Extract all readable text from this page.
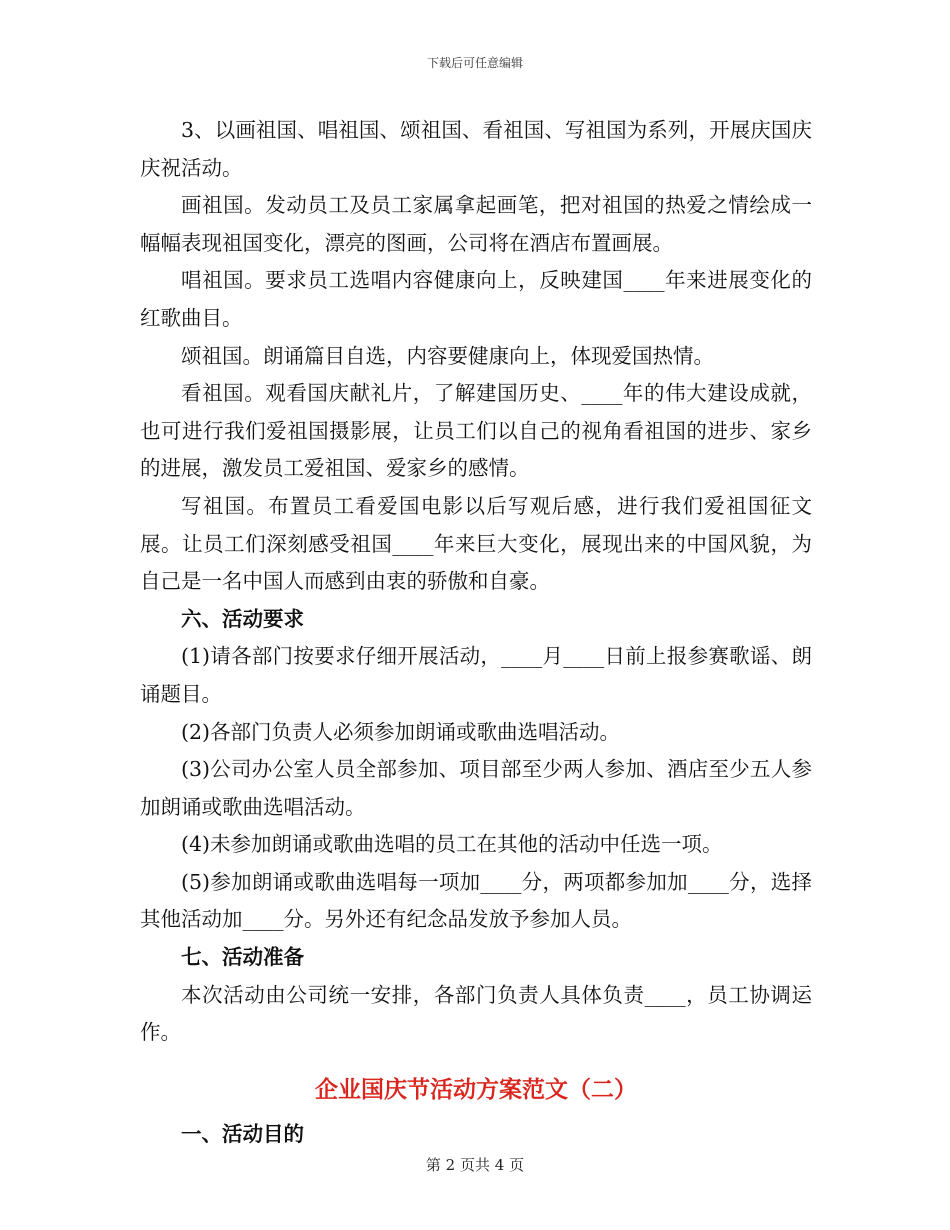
下载后可任意编辑

3、以画祖国、唱祖国、颂祖国、看祖国、写祖国为系列，开展庆国庆庆祝活动。

画祖国。发动员工及员工家属拿起画笔，把对祖国的热爱之情绘成一幅幅表现祖国变化，漂亮的图画，公司将在酒店布置画展。

唱祖国。要求员工选唱内容健康向上，反映建国____年来进展变化的红歌曲目。

颂祖国。朗诵篇目自选，内容要健康向上，体现爱国热情。

看祖国。观看国庆献礼片，了解建国历史、____年的伟大建设成就，也可进行我们爱祖国摄影展，让员工们以自己的视角看祖国的进步、家乡的进展，激发员工爱祖国、爱家乡的感情。

写祖国。布置员工看爱国电影以后写观后感，进行我们爱祖国征文展。让员工们深刻感受祖国____年来巨大变化，展现出来的中国风貌，为自己是一名中国人而感到由衷的骄傲和自豪。

六、活动要求

(1)请各部门按要求仔细开展活动，____月____日前上报参赛歌谣、朗诵题目。

(2)各部门负责人必须参加朗诵或歌曲选唱活动。

(3)公司办公室人员全部参加、项目部至少两人参加、酒店至少五人参加朗诵或歌曲选唱活动。

(4)未参加朗诵或歌曲选唱的员工在其他的活动中任选一项。

(5)参加朗诵或歌曲选唱每一项加____分，两项都参加加____分，选择其他活动加____分。另外还有纪念品发放予参加人员。

七、活动准备

本次活动由公司统一安排，各部门负责人具体负责____，员工协调运作。

企业国庆节活动方案范文（二）

一、活动目的

第 2 页共 4 页
